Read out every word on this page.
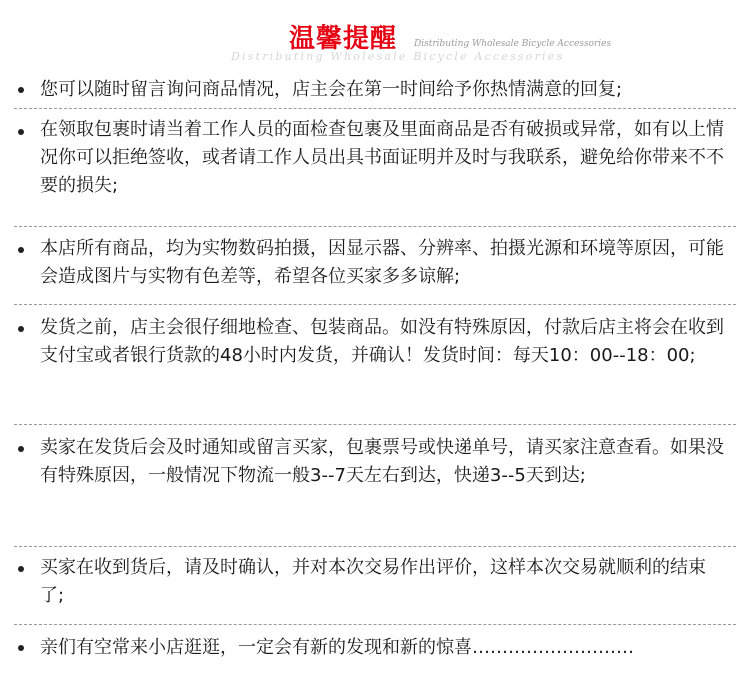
温馨提醒 Distributing Wholesale Bicycle Accessories
Distributing Wholesale Bicycle Accessories
您可以随时留言询问商品情况，店主会在第一时间给予你热情满意的回复;
在领取包裹时请当着工作人员的面检查包裹及里面商品是否有破损或异常，如有以上情况你可以拒绝签收，或者请工作人员出具书面证明并及时与我联系，避免给你带来不不要的损失;
本店所有商品，均为实物数码拍摄，因显示器、分辨率、拍摄光源和环境等原因，可能会造成图片与实物有色差等，希望各位买家多多谅解;
发货之前，店主会很仔细地检查、包装商品。如没有特殊原因，付款后店主将会在收到支付宝或者银行货款的48小时内发货，并确认！发货时间：每天10：00--18：00;
卖家在发货后会及时通知或留言买家，包裹票号或快递单号，请买家注意查看。如果没有特殊原因，一般情况下物流一般3--7天左右到达，快递3--5天到达;
买家在收到货后，请及时确认，并对本次交易作出评价，这样本次交易就顺利的结束了;
亲们有空常来小店逛逛，一定会有新的发现和新的惊喜………………………
